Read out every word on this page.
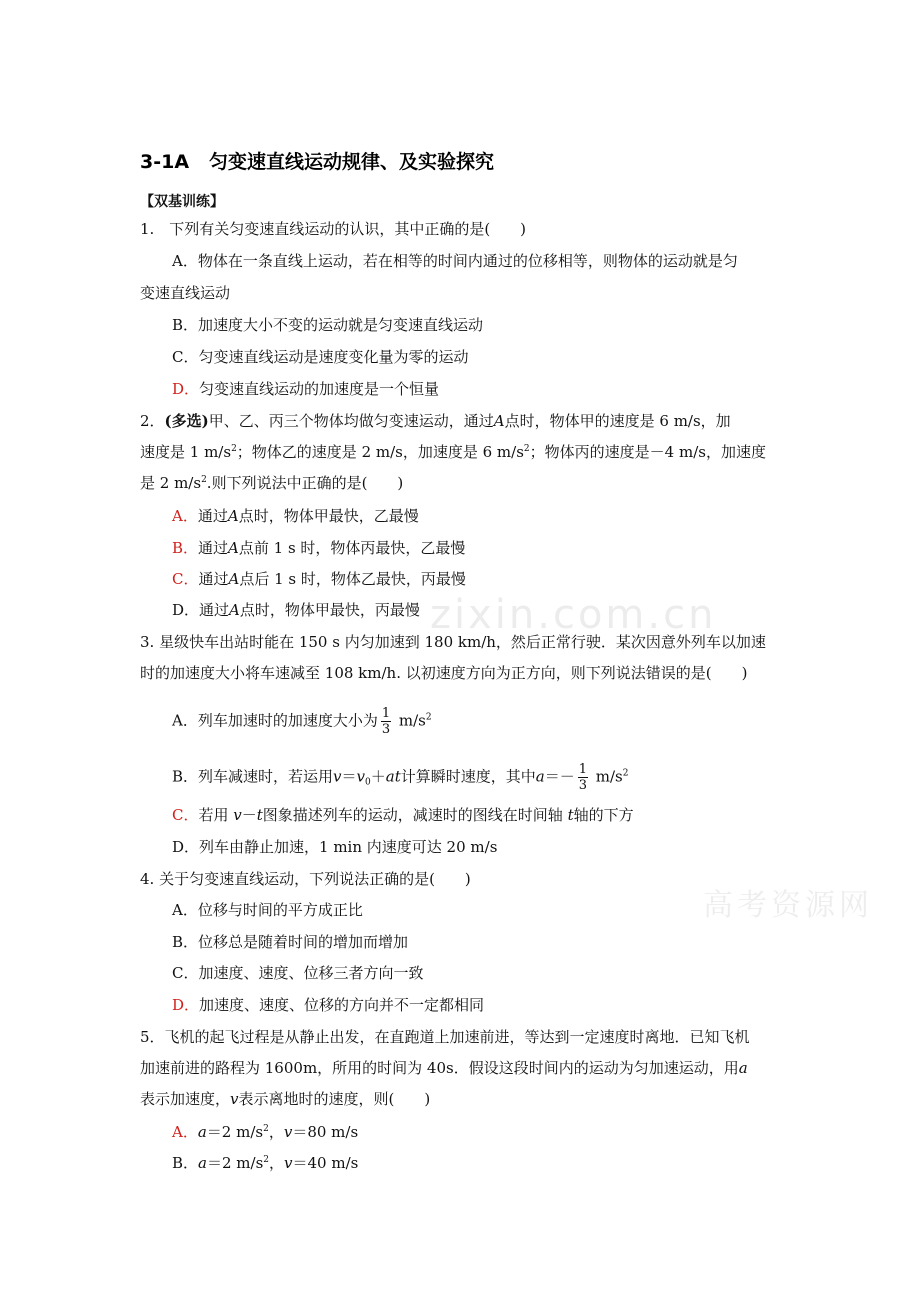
zixin.com.cn
高考资源网
3-1A 匀变速直线运动规律、及实验探究
【双基训练】
1.　下列有关匀变速直线运动的认识，其中正确的是(　　)
A．物体在一条直线上运动，若在相等的时间内通过的位移相等，则物体的运动就是匀
变速直线运动
B．加速度大小不变的运动就是匀变速直线运动
C．匀变速直线运动是速度变化量为零的运动
D．匀变速直线运动的加速度是一个恒量
2．(多选)甲、乙、丙三个物体均做匀变速运动，通过A点时，物体甲的速度是 6 m/s，加
速度是 1 $m/s^2$；物体乙的速度是 2 m/s，加速度是 6 $m/s^2$；物体丙的速度是－4 m/s，加速度
是 2 $m/s^2$.则下列说法中正确的是(　　)
A．通过A点时，物体甲最快，乙最慢
B．通过A点前 1 s 时，物体丙最快，乙最慢
C．通过A点后 1 s 时，物体乙最快，丙最慢
D．通过A点时，物体甲最快，丙最慢
3. 星级快车出站时能在 150 s 内匀加速到 180 km/h，然后正常行驶．某次因意外列车以加速
时的加速度大小将车速减至 108 km/h. 以初速度方向为正方向，则下列说法错误的是(　　)
A．列车加速时的加速度大小为 $\frac{1}{3} m/s^2$
B．列车减速时，若运用$v=v_0+at$计算瞬时速度，其中$a=- \frac{1}{3} m/s^2$
C．若用 v－t图象描述列车的运动，减速时的图线在时间轴 t轴的下方
D．列车由静止加速，1 min 内速度可达 20 m/s
4. 关于匀变速直线运动，下列说法正确的是(　　)
A．位移与时间的平方成正比
B．位移总是随着时间的增加而增加
C．加速度、速度、位移三者方向一致
D．加速度、速度、位移的方向并不一定都相同
5．飞机的起飞过程是从静止出发，在直跑道上加速前进，等达到一定速度时离地．已知飞机
加速前进的路程为 1600m，所用的时间为 40s．假设这段时间内的运动为匀加速运动，用a
表示加速度，v表示离地时的速度，则(　　)
A．a＝2 $m/s^2$，v＝80 m/s
B．a＝2 $m/s^2$，v＝40 m/s
